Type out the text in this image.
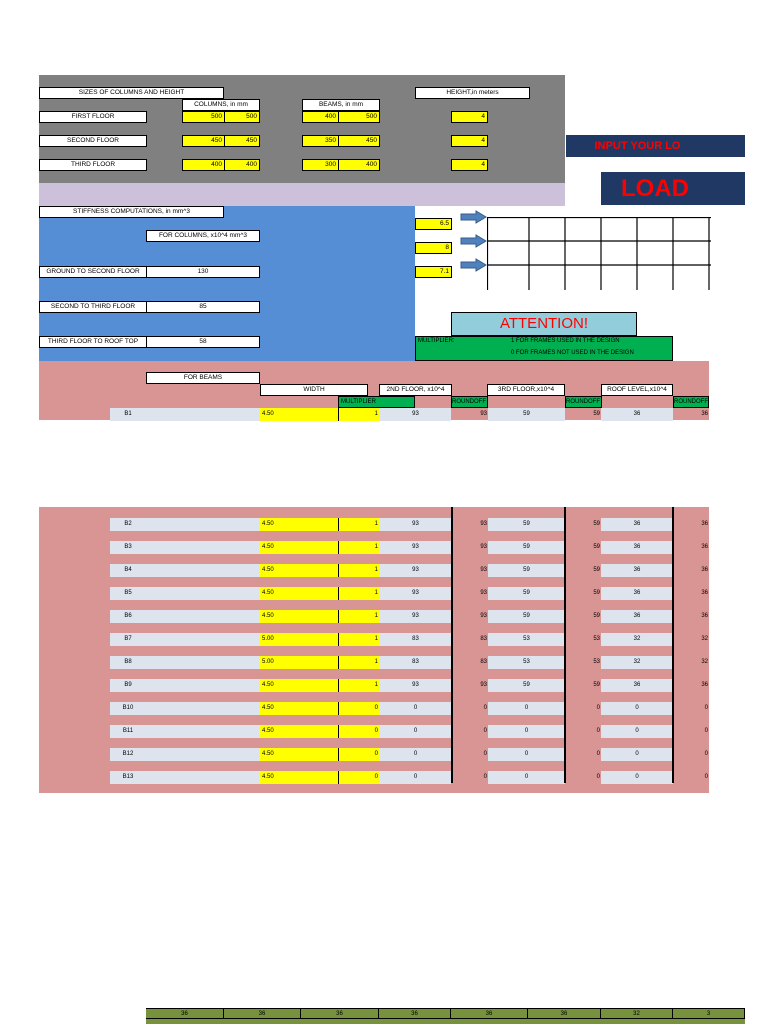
SIZES OF COLUMNS AND HEIGHT
COLUMNS, in mm	BEAMS, in mm
HEIGHT,in meters
FIRST FLOOR	500	500	400	500	4
SECOND FLOOR	450	450	350	450	4
THIRD FLOOR	400	400	300	400	4
INPUT YOUR LO
LOAD
STIFFNESS COMPUTATIONS, in mm^3
FOR COLUMNS, x10^4 mm^3
GROUND TO SECOND FLOOR	130
SECOND TO THIRD FLOOR	85
THIRD FLOOR TO ROOF TOP	58
6.5
8
7.1
ATTENTION!
MULTIPLIER:	1 FOR FRAMES USED IN THE DESIGN
0 FOR FRAMES NOT USED IN THE DESIGN
FOR BEAMS
WIDTH	2ND FLOOR, x10^4	3RD FLOOR,x10^4	ROOF LEVEL,x10^4
MULTIPLIER	ROUNDOFF	ROUNDOFF	ROUNDOFF
B1	4.50	1	93	93	59	59	36	36
B2	4.50	1	93	93	59	59	36	36
B3	4.50	1	93	93	59	59	36	36
B4	4.50	1	93	93	59	59	36	36
B5	4.50	1	93	93	59	59	36	36
B6	4.50	1	93	93	59	59	36	36
B7	5.00	1	83	83	53	53	32	32
B8	5.00	1	83	83	53	53	32	32
B9	4.50	1	93	93	59	59	36	36
B10	4.50	0	0	0	0	0	0	0
B11	4.50	0	0	0	0	0	0	0
B12	4.50	0	0	0	0	0	0	0
B13	4.50	0	0	0	0	0	0	0
36	36	36	36	36	36	32	3
